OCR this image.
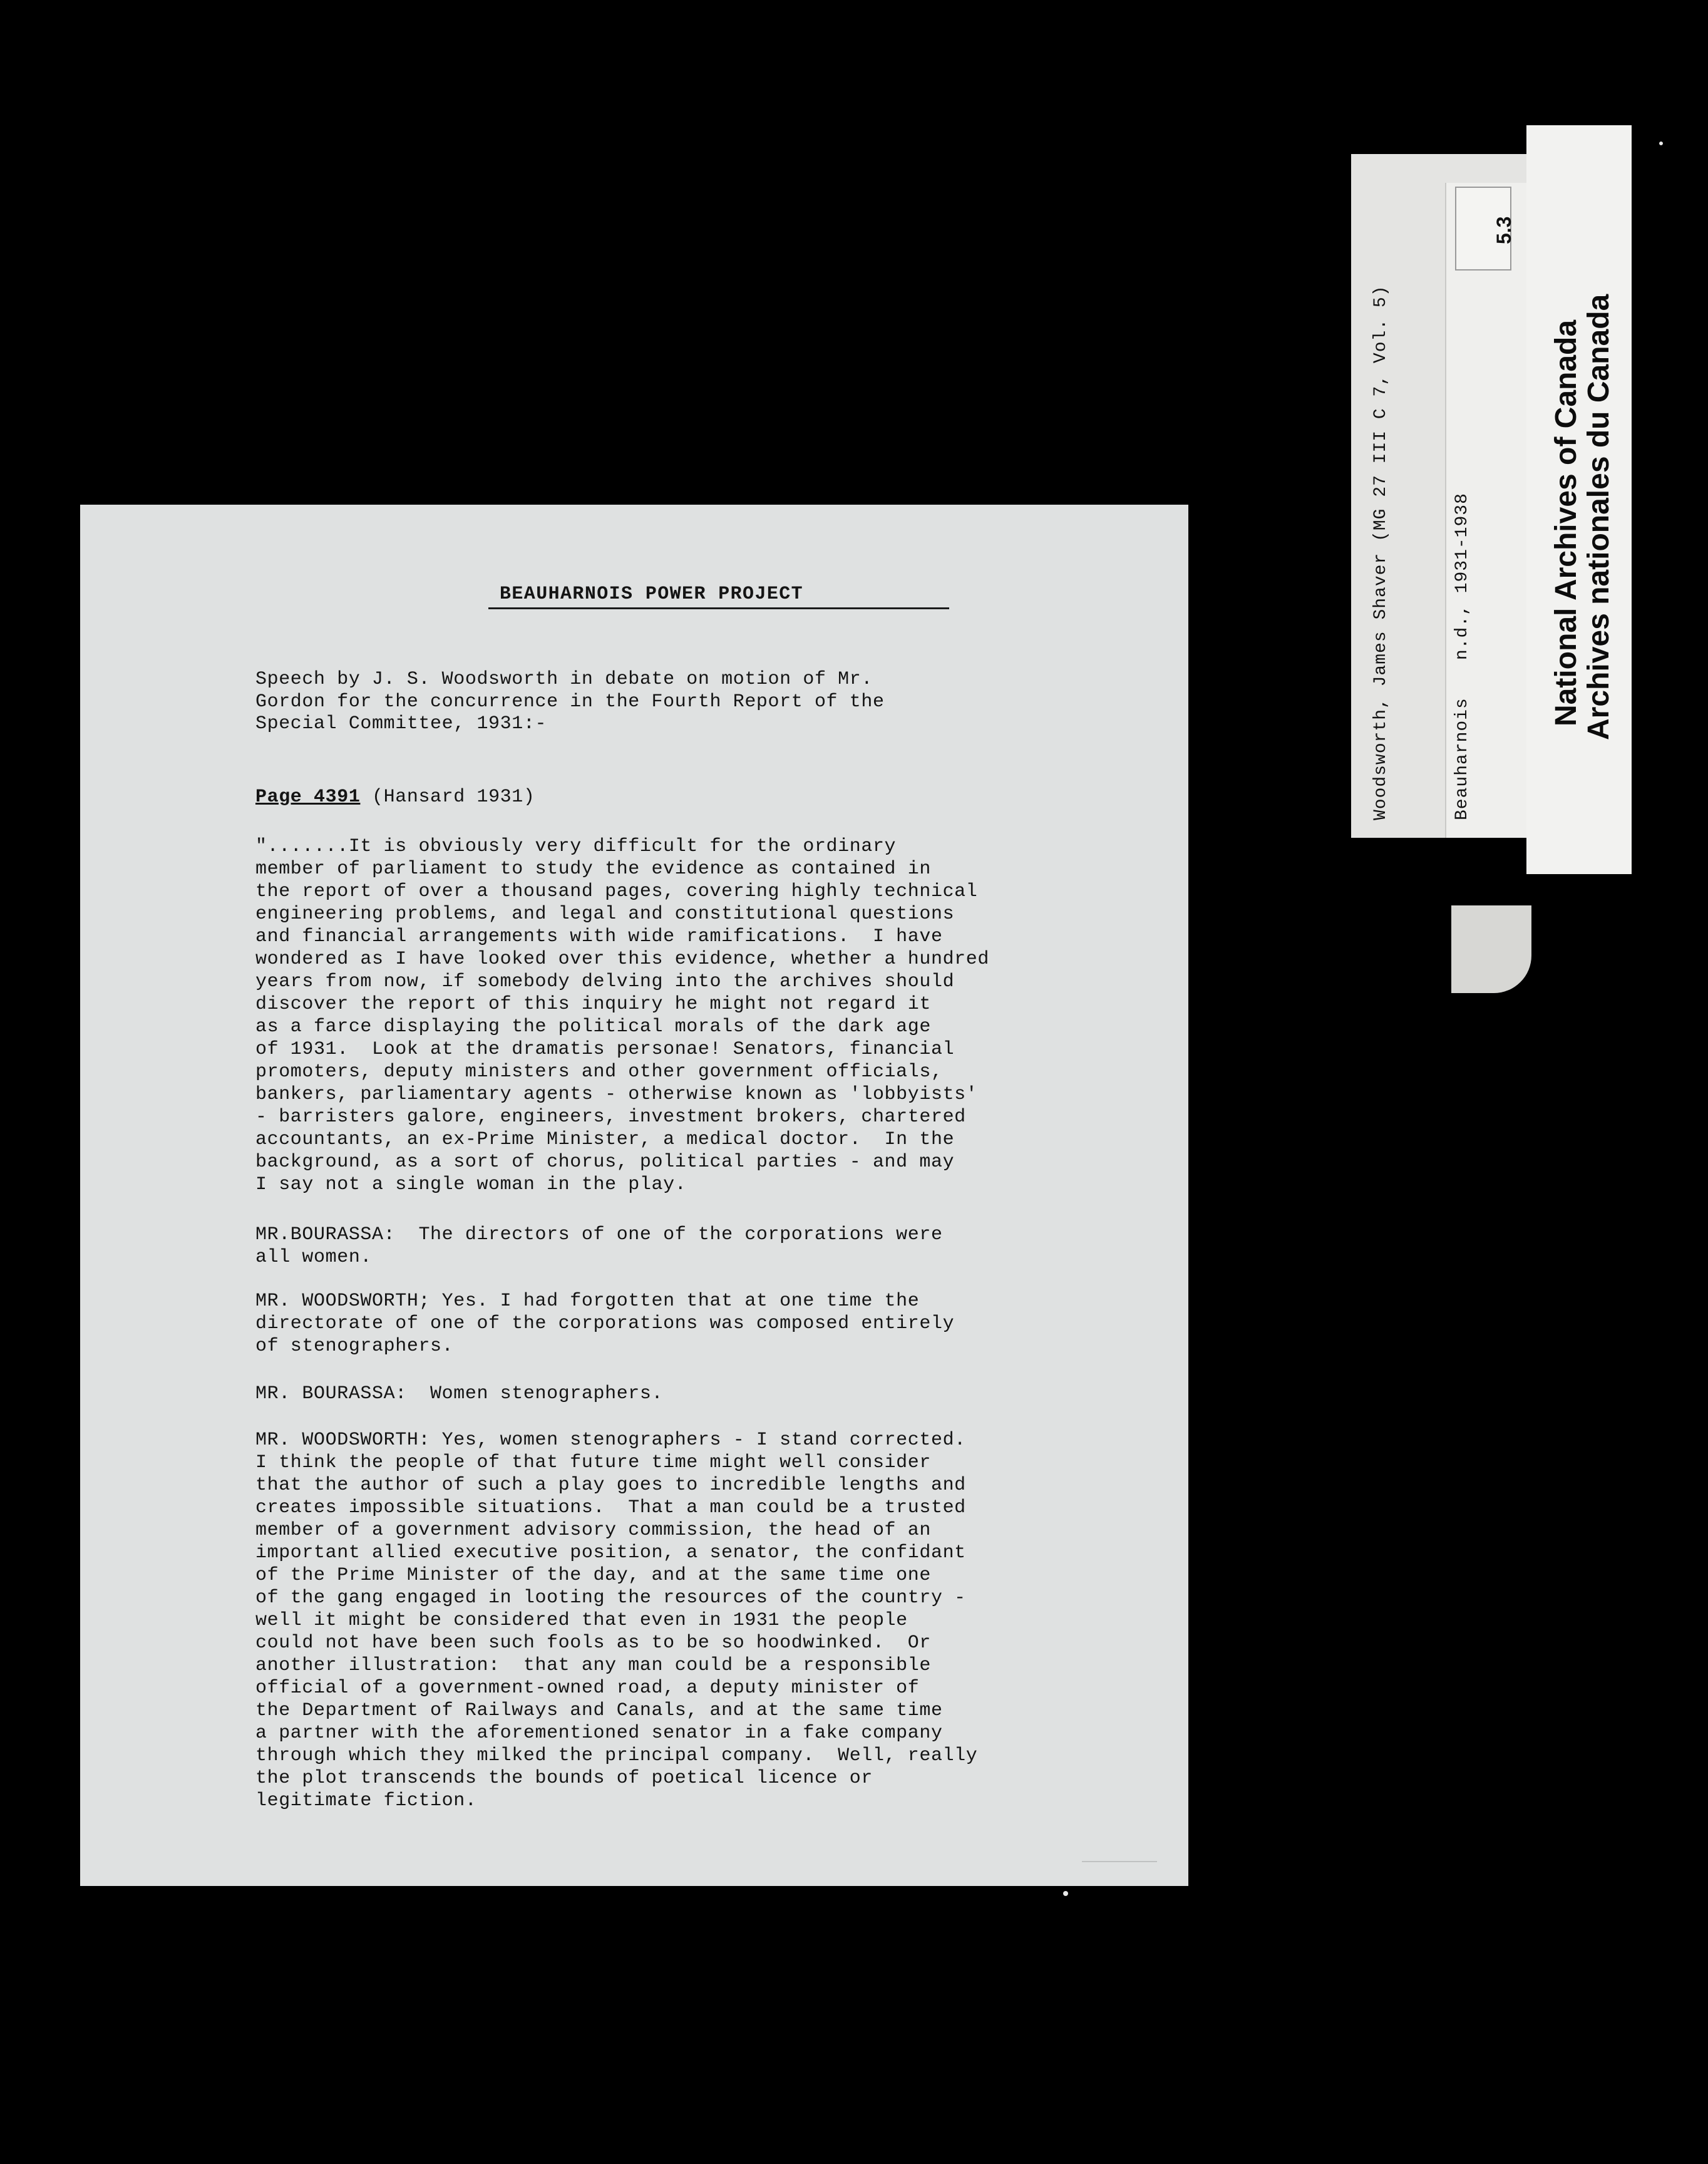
BEAUHARNOIS POWER PROJECT
Speech by J. S. Woodsworth in debate on motion of Mr.
Gordon for the concurrence in the Fourth Report of the
Special Committee, 1931:-
Page 4391 (Hansard 1931)
".......It is obviously very difficult for the ordinary
member of parliament to study the evidence as contained in
the report of over a thousand pages, covering highly technical
engineering problems, and legal and constitutional questions
and financial arrangements with wide ramifications.  I have
wondered as I have looked over this evidence, whether a hundred
years from now, if somebody delving into the archives should
discover the report of this inquiry he might not regard it
as a farce displaying the political morals of the dark age
of 1931.  Look at the dramatis personae! Senators, financial
promoters, deputy ministers and other government officials,
bankers, parliamentary agents - otherwise known as 'lobbyists'
- barristers galore, engineers, investment brokers, chartered
accountants, an ex-Prime Minister, a medical doctor.  In the
background, as a sort of chorus, political parties - and may
I say not a single woman in the play.
MR.BOURASSA:  The directors of one of the corporations were
all women.
MR. WOODSWORTH; Yes. I had forgotten that at one time the
directorate of one of the corporations was composed entirely
of stenographers.
MR. BOURASSA:  Women stenographers.
MR. WOODSWORTH: Yes, women stenographers - I stand corrected.
I think the people of that future time might well consider
that the author of such a play goes to incredible lengths and
creates impossible situations.  That a man could be a trusted
member of a government advisory commission, the head of an
important allied executive position, a senator, the confidant
of the Prime Minister of the day, and at the same time one
of the gang engaged in looting the resources of the country -
well it might be considered that even in 1931 the people
could not have been such fools as to be so hoodwinked.  Or
another illustration:  that any man could be a responsible
official of a government-owned road, a deputy minister of
the Department of Railways and Canals, and at the same time
a partner with the aforementioned senator in a fake company
through which they milked the principal company.  Well, really
the plot transcends the bounds of poetical licence or
legitimate fiction.
Woodsworth, James Shaver (MG 27 III C 7, Vol. 5)	Beauharnoisn.d., 1931-1938
5.3
National Archives of Canada Archives nationales du Canada
